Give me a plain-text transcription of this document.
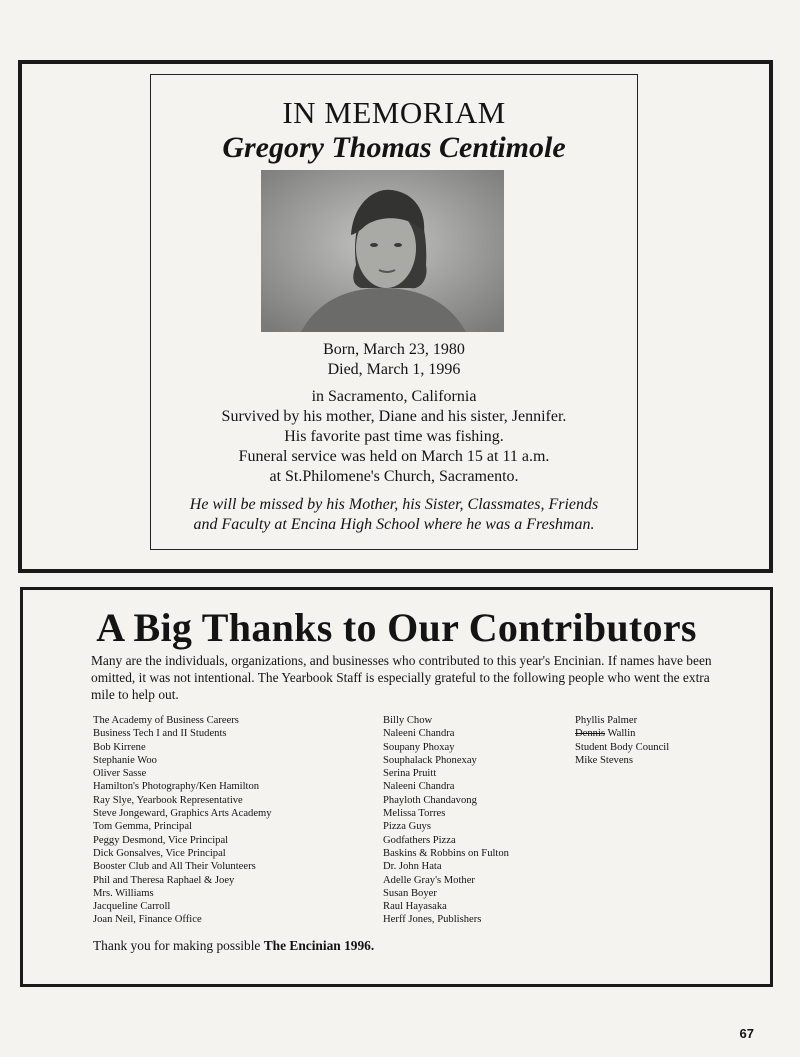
IN MEMORIAM
Gregory Thomas Centimole
Born, March 23, 1980
Died, March 1, 1996
in Sacramento, California
Survived by his mother, Diane and his sister, Jennifer.
His favorite past time was fishing.
Funeral service was held on March 15 at 11 a.m.
at St.Philomene's Church, Sacramento.
He will be missed by his Mother, his Sister, Classmates, Friends
and Faculty at Encina High School where he was a Freshman.
A Big Thanks to Our Contributors
Many are the individuals, organizations, and businesses who contributed to this year's Encinian. If names have been omitted, it was not intentional. The Yearbook Staff is especially grateful to the following people who went the extra mile to help out.
The Academy of Business Careers
Business Tech I and II Students
Bob Kirrene
Stephanie Woo
Oliver Sasse
Hamilton's Photography/Ken Hamilton
Ray Slye, Yearbook Representative
Steve Jongeward, Graphics Arts Academy
Tom Gemma, Principal
Peggy Desmond, Vice Principal
Dick Gonsalves, Vice Principal
Booster Club and All Their Volunteers
Phil and Theresa Raphael & Joey
Mrs. Williams
Jacqueline Carroll
Joan Neil, Finance Office
Billy Chow
Naleeni Chandra
Soupany Phoxay
Souphalack Phonexay
Serina Pruitt
Naleeni Chandra
Phayloth Chandavong
Melissa Torres
Pizza Guys
Godfathers Pizza
Baskins & Robbins on Fulton
Dr. John Hata
Adelle Gray's Mother
Susan Boyer
Raul Hayasaka
Herff Jones, Publishers
Phyllis Palmer
Dennis Wallin
Student Body Council
Mike Stevens
Thank you for making possible The Encinian 1996.
67
